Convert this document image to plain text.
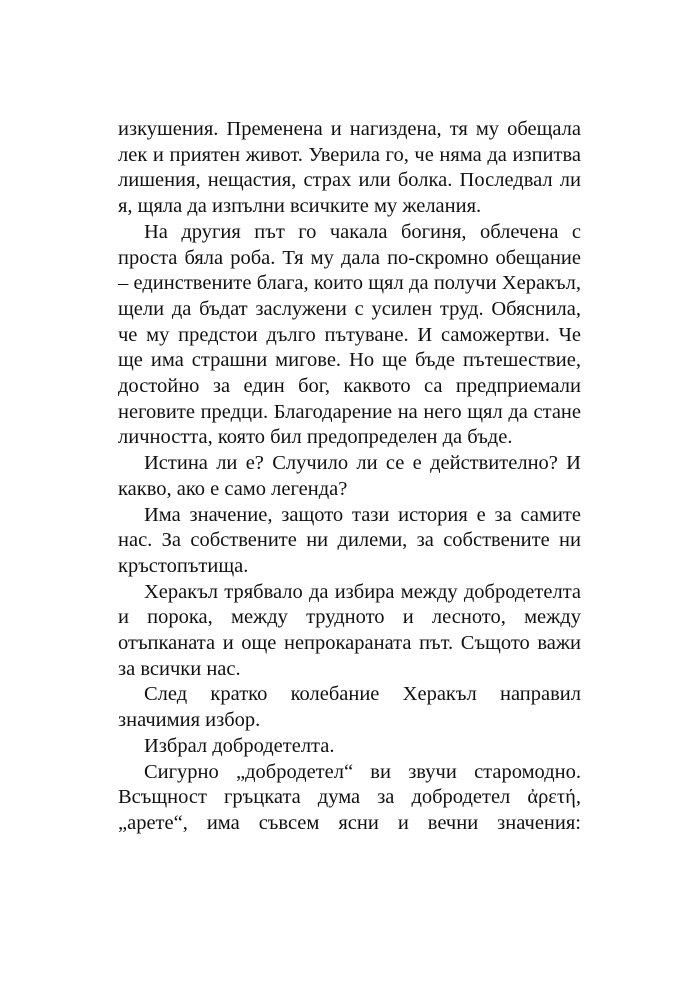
изкушения. Пременена и нагиздена, тя му обещала лек и приятен живот. Уверила го, че няма да изпитва лишения, нещастия, страх или болка. Последвал ли я, щяла да изпълни всичките му желания.

На другия път го чакала богиня, облечена с проста бяла роба. Тя му дала по-скромно обещание – единствените блага, които щял да получи Херакъл, щели да бъдат заслужени с усилен труд. Обяснила, че му предстои дълго пътуване. И саможертви. Че ще има страшни мигове. Но ще бъде пътешествие, достойно за един бог, каквото са предприемали неговите предци. Благодарение на него щял да стане личността, която бил предопределен да бъде.

Истина ли е? Случило ли се е действително? И какво, ако е само легенда?

Има значение, защото тази история е за самите нас. За собствените ни дилеми, за собствените ни кръстопътища.

Херакъл трябвало да избира между добродетелта и порока, между трудното и лесното, между отъпканата и още непрокараната път. Същото важи за всички нас.

След кратко колебание Херакъл направил значимия избор.

Избрал добродетелта.

Сигурно „добродетел“ ви звучи старомодно. Всъщност гръцката дума за добродетел ἀρετή, „арете“, има съвсем ясни и вечни значения:
